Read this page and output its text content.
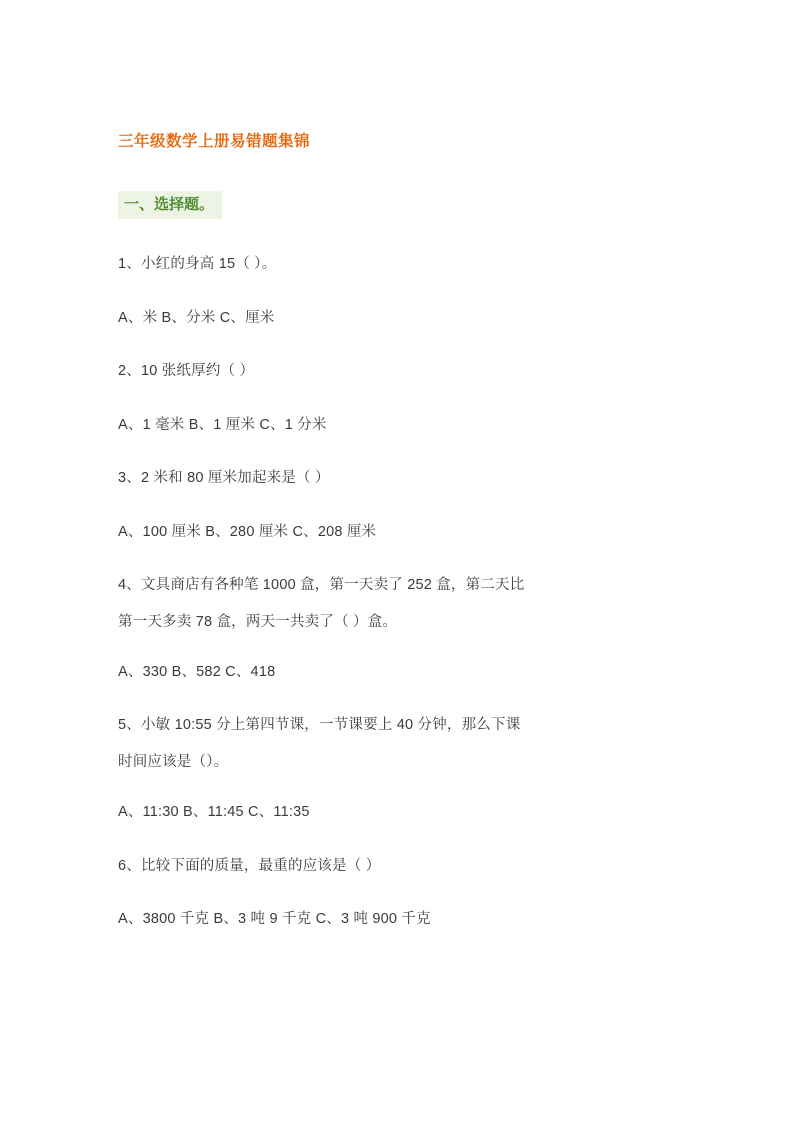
三年级数学上册易错题集锦
一、选择题。

1、小红的身高 15（ ）。

A、米 B、分米 C、厘米

2、10 张纸厚约（ ）

A、1 毫米 B、1 厘米 C、1 分米

3、2 米和 80 厘米加起来是（ ）

A、100 厘米 B、280 厘米 C、208 厘米

4、文具商店有各种笔 1000 盒，第一天卖了 252 盒，第二天比
第一天多卖 78 盒，两天一共卖了（ ）盒。

A、330 B、582 C、418

5、小敏 10:55 分上第四节课，一节课要上 40 分钟，那么下课
时间应该是（）。

A、11:30 B、11:45 C、11:35

6、比较下面的质量，最重的应该是（ ）

A、3800 千克 B、3 吨 9 千克 C、3 吨 900 千克
